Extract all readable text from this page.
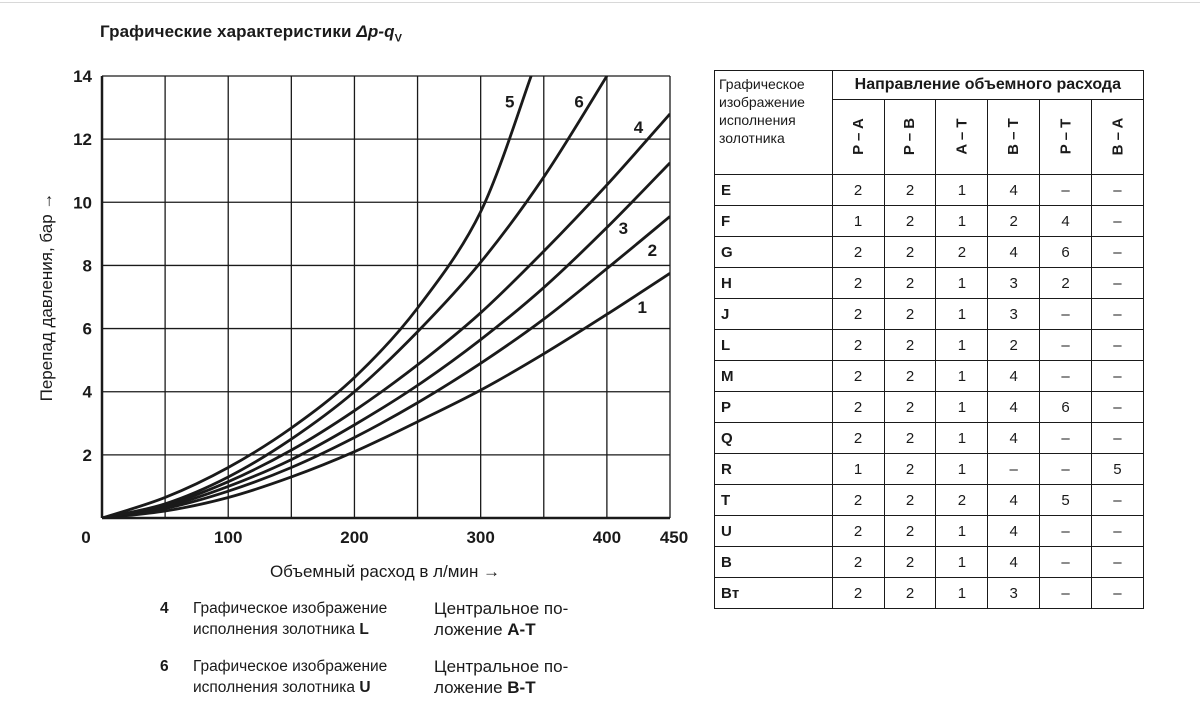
Графические характеристики $\Delta p-q_V$
0	100	200	300	400 450
14
12
10
8
6
4
2
Объемный расход в л/мин →
Перепад давления, бар →
5	6
4
3
2
1
4 Графическое изображение исполнения золотника L
Центральное по-ложение A-T
6 Графическое изображение исполнения золотника U
Центральное по-ложение B-T
Графическое изображение исполнения золотника	Направление объемного расхода					
	P – A	P – B	A – T	B – T	P – T	B – A
E	2	2	1	4	–	–
F	1	2	1	2	4	–
G	2	2	2	4	6	–
H	2	2	1	3	2	–
J	2	2	1	3	–	–
L	2	2	1	2	–	–
M	2	2	1	4	–	–
P	2	2	1	4	6	–
Q	2	2	1	4	–	–
R	1	2	1	–	–	5
T	2	2	2	4	5	–
U	2	2	1	4	–	–
B	2	2	1	4	–	–
Bт	2	2	1	3	–	–
